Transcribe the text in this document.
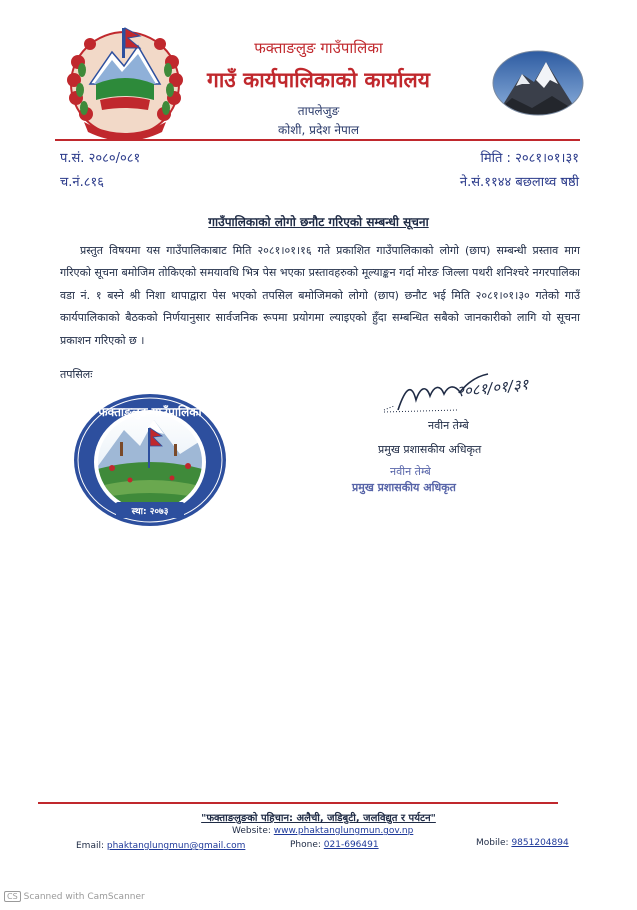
फक्ताङलुङ गाउँपालिका
गाउँ कार्यपालिकाको कार्यालय
तापलेजुङ
कोशी, प्रदेश नेपाल
प.सं. २०८०/०८१
च.नं.८१६
मिति : २०८१।०१।३१
ने.सं.११४४ बछलाथ्व षष्ठी
गाउँपालिकाको लोगो छनौट गरिएको सम्बन्धी सूचना
प्रस्तुत विषयमा यस गाउँपालिकाबाट मिति २०८१।०१।१६ गते प्रकाशित गाउँपालिकाको लोगो (छाप) सम्बन्धी प्रस्ताव माग गरिएको सूचना बमोजिम तोकिएको समयावधि भित्र पेस भएका प्रस्तावहरुको मूल्याङ्कन गर्दा मोरङ जिल्ला पथरी शनिश्चरे नगरपालिका वडा नं. १ बस्ने श्री निशा थापाद्वारा पेस भएको तपसिल बमोजिमको लोगो (छाप) छनौट भई मिति २०८१।०१।३० गतेको गाउँ कार्यपालिकाको बैठकको निर्णयानुसार सार्वजनिक रूपमा प्रयोगमा ल्याइएको हुँदा सम्बन्धित सबैको जानकारीको लागि यो सूचना प्रकाशन गरिएको छ ।
तपसिलः
फक्ताङलुङ गाउँपालिका
स्था: २०७३
२०८१/०१/३१
नवीन तेम्बे
प्रमुख प्रशासकीय अधिकृत
नवीन तेम्बे
प्रमुख प्रशासकीय अधिकृत
"फक्ताङलुङको पहिचान: अलैची, जडिबुटी, जलविद्युत र पर्यटन"
Website: www.phaktanglungmun.gov.np
Email: phaktanglungmun@gmail.com	Phone: 021-696491	Mobile: 9851204894
CS Scanned with CamScanner
